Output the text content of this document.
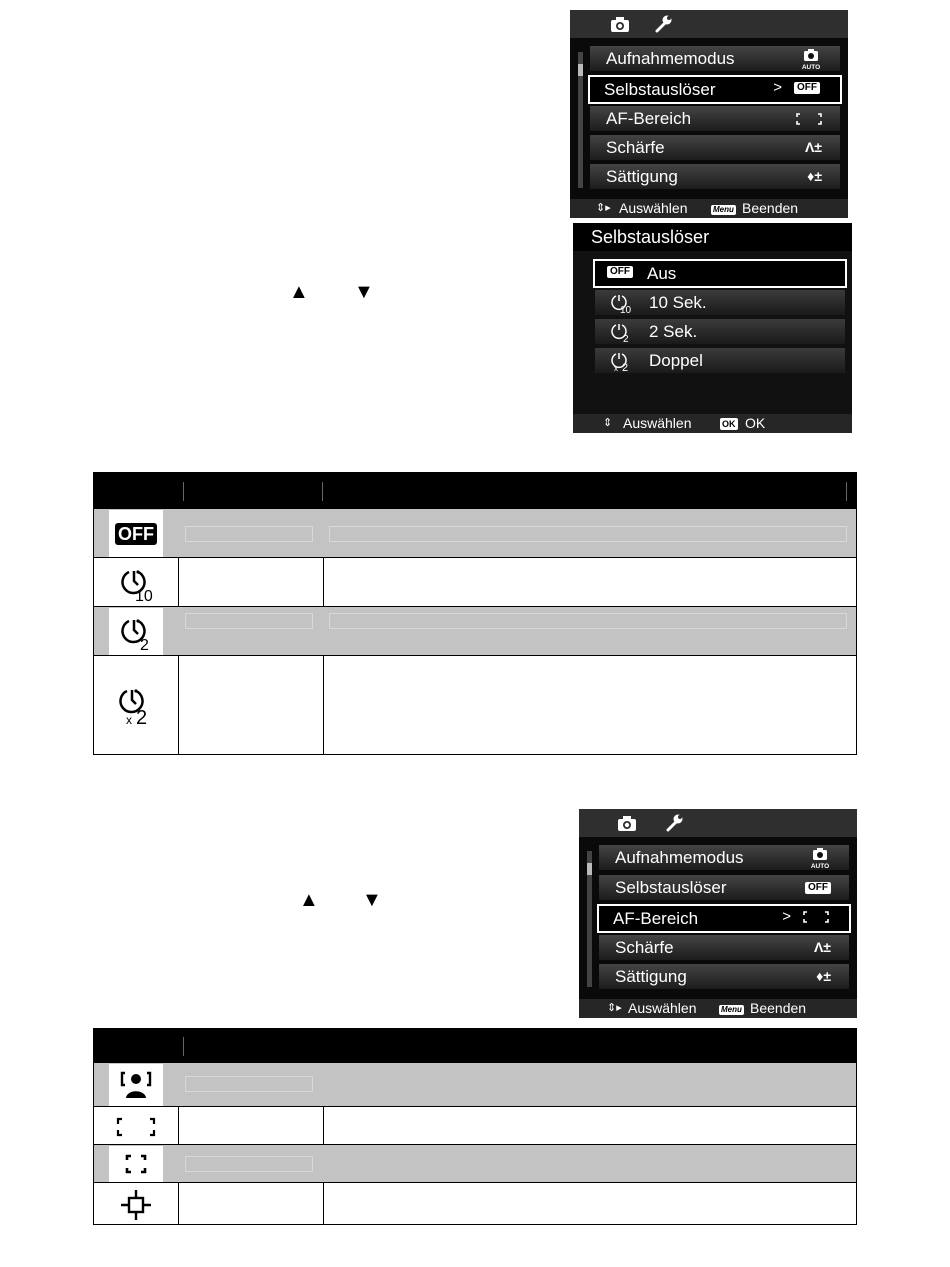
Aufnahmemodus	AUTO
Selbstauslöser	>	OFF
AF-Bereich
Schärfe	Λ±
Sättigung	♦±
⇕▸ Auswählen	Menu Beenden
Selbstauslöser
OFF Aus
10 10 Sek.
2 2 Sek.
x 2 Doppel
⇕ Auswählen	OK OK
▲ ▼
OFF
10
2
x 2
Aufnahmemodus	AUTO
Selbstauslöser	OFF
AF-Bereich	>
Schärfe	Λ±
Sättigung	♦±
⇕▸ Auswählen	Menu Beenden
▲ ▼
